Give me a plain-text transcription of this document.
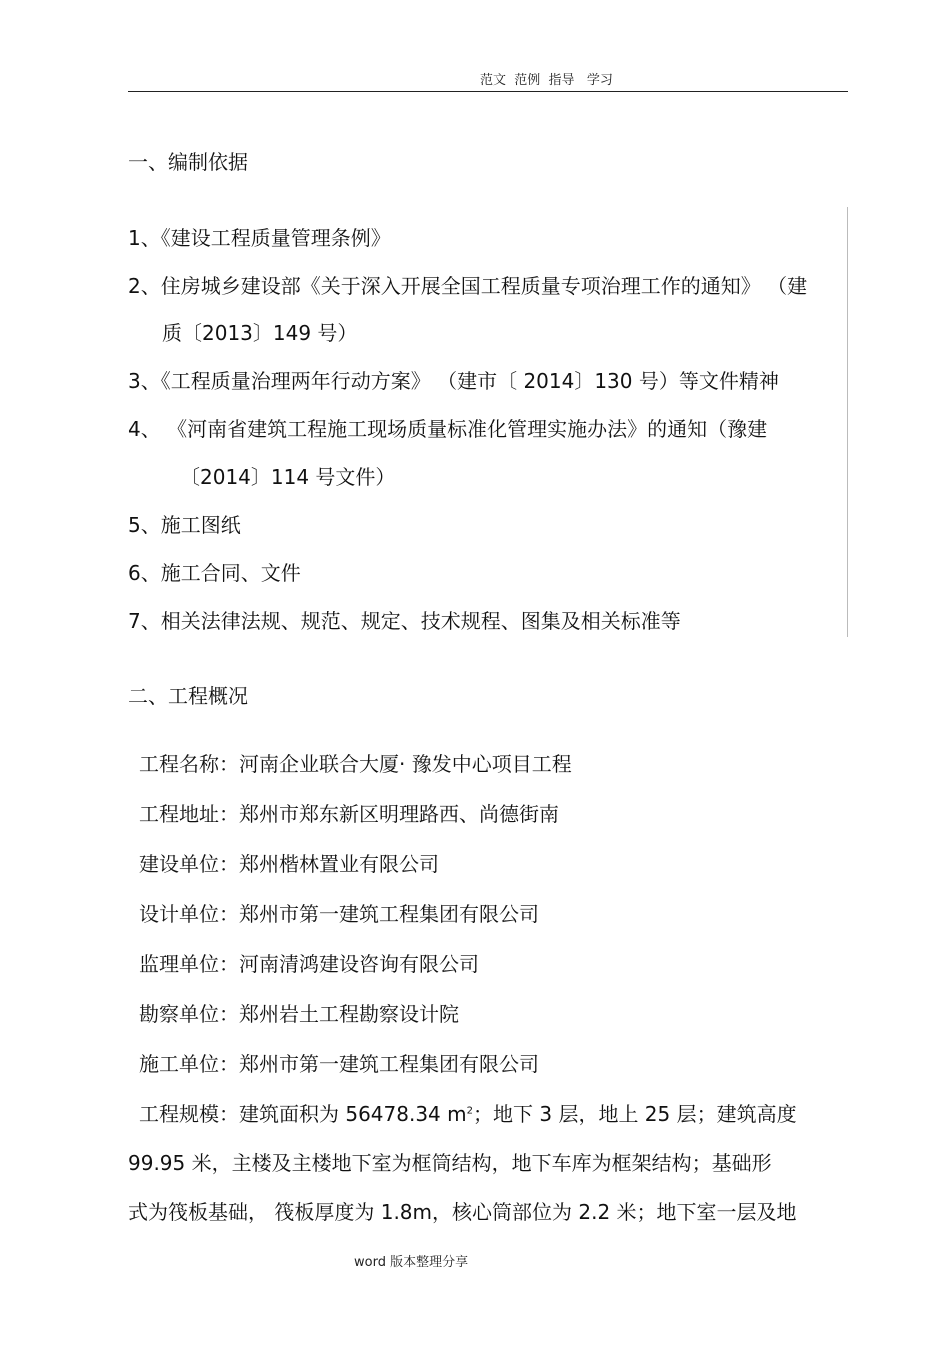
范文  范例  指导   学习
一、编制依据
1、《建设工程质量管理条例》
2、住房城乡建设部《关于深入开展全国工程质量专项治理工作的通知》 （建
质〔2013〕149 号）
3、《工程质量治理两年行动方案》 （建市〔 2014〕130 号）等文件精神
4、 《河南省建筑工程施工现场质量标准化管理实施办法》的通知（豫建
〔2014〕114 号文件）
5、施工图纸
6、施工合同、文件
7、相关法律法规、规范、规定、技术规程、图集及相关标准等
二、工程概况
工程名称：河南企业联合大厦· 豫发中心项目工程
工程地址：郑州市郑东新区明理路西、尚德街南
建设单位：郑州楷林置业有限公司
设计单位：郑州市第一建筑工程集团有限公司
监理单位：河南清鸿建设咨询有限公司
勘察单位：郑州岩土工程勘察设计院
施工单位：郑州市第一建筑工程集团有限公司
工程规模：建筑面积为 56478.34 $m^2$；地下 3 层，地上 25 层；建筑高度
99.95 米，主楼及主楼地下室为框筒结构，地下车库为框架结构；基础形
式为筏板基础， 筏板厚度为 1.8m，核心筒部位为 2.2 米；地下室一层及地
word 版本整理分享
